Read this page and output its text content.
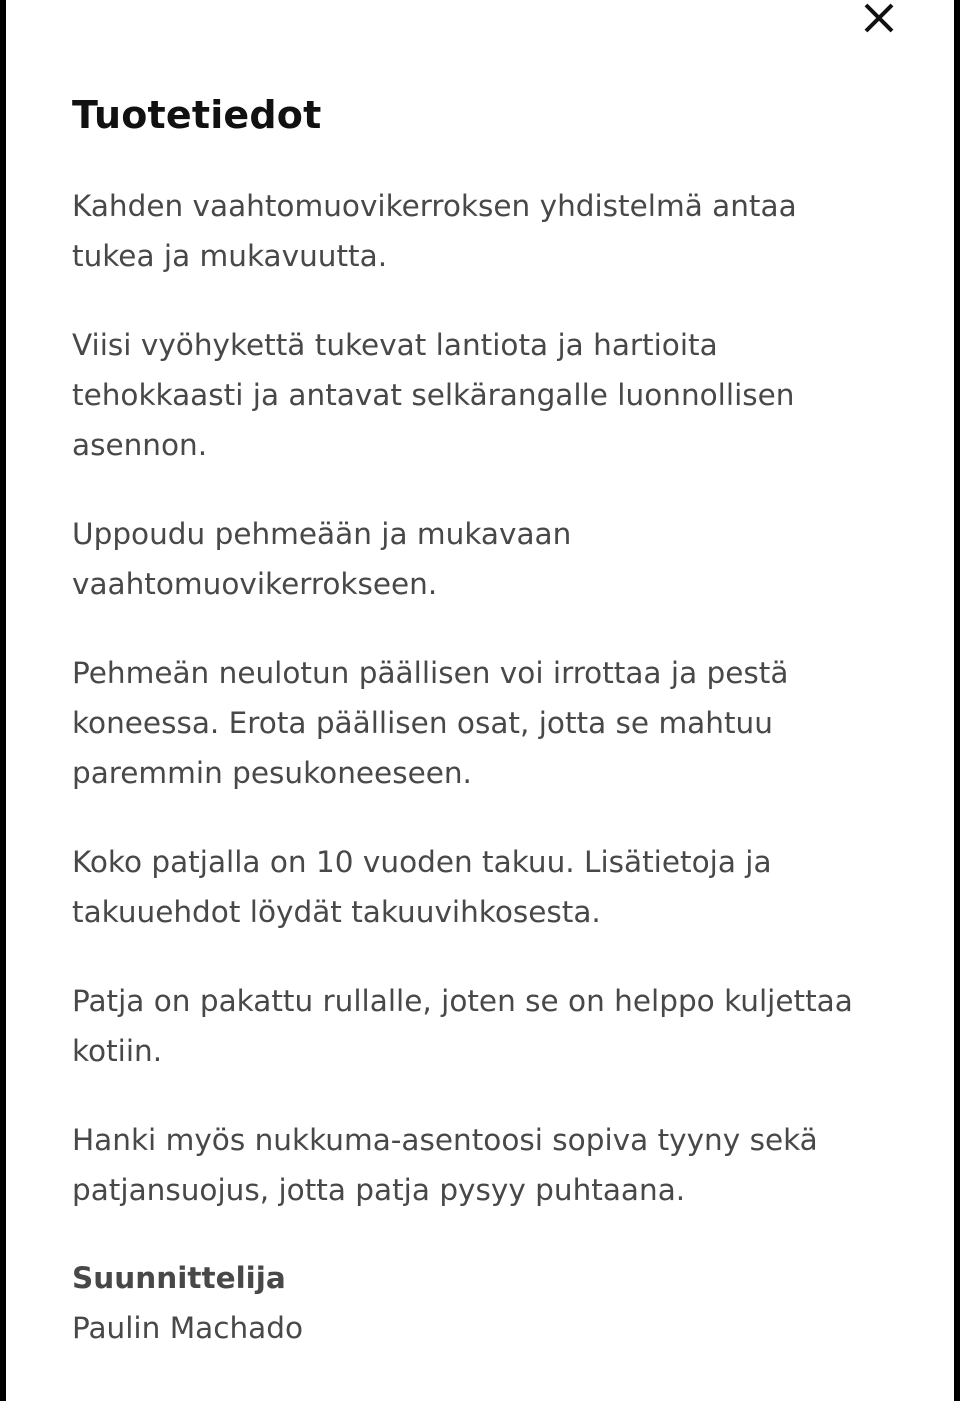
Tuotetiedot

Kahden vaahtomuovikerroksen yhdistelmä antaa tukea ja mukavuutta.

Viisi vyöhykettä tukevat lantiota ja hartioita tehokkaasti ja antavat selkärangalle luonnollisen asennon.

Uppoudu pehmeään ja mukavaan vaahtomuovikerrokseen.

Pehmeän neulotun päällisen voi irrottaa ja pestä koneessa. Erota päällisen osat, jotta se mahtuu paremmin pesukoneeseen.

Koko patjalla on 10 vuoden takuu. Lisätietoja ja takuuehdot löydät takuuvihkosesta.

Patja on pakattu rullalle, joten se on helppo kuljettaa kotiin.

Hanki myös nukkuma-asentoosi sopiva tyyny sekä patjansuojus, jotta patja pysyy puhtaana.

Suunnittelija

Paulin Machado
